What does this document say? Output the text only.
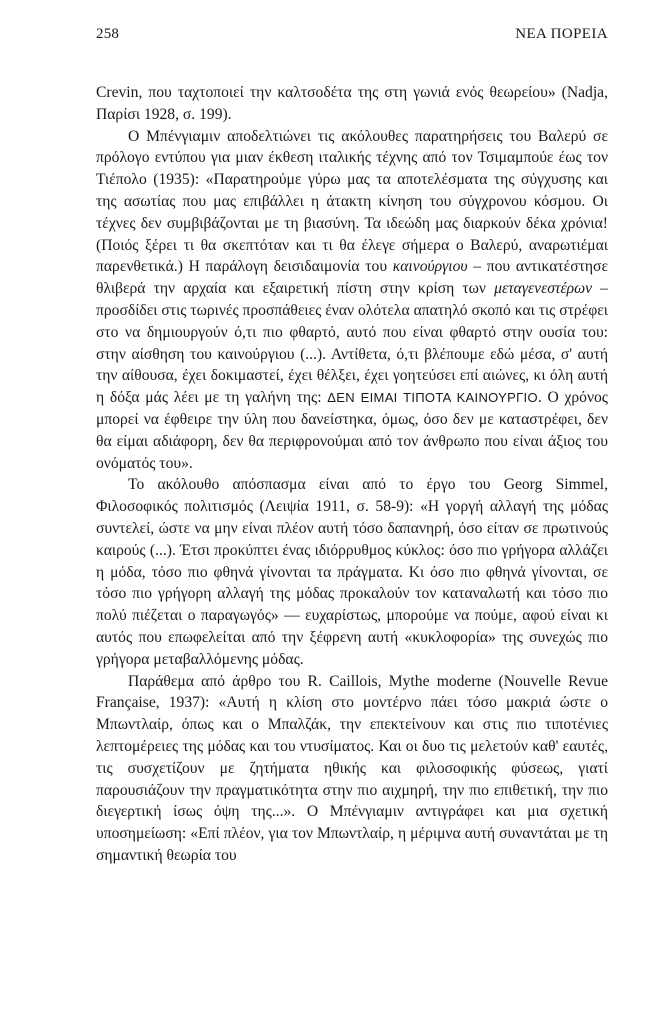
258	ΝΕΑ ΠΟΡΕΙΑ

Crevin, που ταχτοποιεί την καλτσοδέτα της στη γωνιά ενός θεωρείου» (Nadja, Παρίσι 1928, σ. 199).

Ο Μπένγιαμιν αποδελτιώνει τις ακόλουθες παρατηρήσεις του Βαλερύ σε πρόλογο εντύπου για μιαν έκθεση ιταλικής τέχνης από τον Τσιμαμπούε έως τον Τιέπολο (1935): «Παρατηρούμε γύρω μας τα αποτελέσματα της σύγχυσης και της ασωτίας που μας επιβάλλει η άτακτη κίνηση του σύγχρονου κόσμου. Οι τέχνες δεν συμβιβάζονται με τη βιασύνη. Τα ιδεώδη μας διαρκούν δέκα χρόνια! (Ποιός ξέρει τι θα σκεπτόταν και τι θα έλεγε σήμερα ο Βαλερύ, αναρωτιέμαι παρενθετικά.) Η παράλογη δεισιδαιμονία του καινούργιου – που αντικατέστησε θλιβερά την αρχαία και εξαιρετική πίστη στην κρίση των μεταγενεστέρων – προσδίδει στις τωρινές προσπάθειες έναν ολότελα απατηλό σκοπό και τις στρέφει στο να δημιουργούν ό,τι πιο φθαρτό, αυτό που είναι φθαρτό στην ουσία του: στην αίσθηση του καινούργιου (...). Αντίθετα, ό,τι βλέπουμε εδώ μέσα, σ' αυτή την αίθουσα, έχει δοκιμαστεί, έχει θέλξει, έχει γοητεύσει επί αιώνες, κι όλη αυτή η δόξα μάς λέει με τη γαλήνη της: ΔΕΝ ΕΙΜΑΙ ΤΙΠΟΤΑ ΚΑΙΝΟΥΡΓΙΟ. Ο χρόνος μπορεί να έφθειρε την ύλη που δανείστηκα, όμως, όσο δεν με καταστρέφει, δεν θα είμαι αδιάφορη, δεν θα περιφρονούμαι από τον άνθρωπο που είναι άξιος του ονόματός του».

Το ακόλουθο απόσπασμα είναι από το έργο του Georg Simmel, Φιλοσοφικός πολιτισμός (Λειψία 1911, σ. 58-9): «Η γοργή αλλαγή της μόδας συντελεί, ώστε να μην είναι πλέον αυτή τόσο δαπανηρή, όσο είταν σε πρωτινούς καιρούς (...). Έτσι προκύπτει ένας ιδιόρρυθμος κύκλος: όσο πιο γρήγορα αλλάζει η μόδα, τόσο πιο φθηνά γίνονται τα πράγματα. Κι όσο πιο φθηνά γίνονται, σε τόσο πιο γρήγορη αλλαγή της μόδας προκαλούν τον καταναλωτή και τόσο πιο πολύ πιέζεται ο παραγωγός» — ευχαρίστως, μπορούμε να πούμε, αφού είναι κι αυτός που επωφελείται από την ξέφρενη αυτή «κυκλοφορία» της συνεχώς πιο γρήγορα μεταβαλλόμενης μόδας.

Παράθεμα από άρθρο του R. Caillois, Mythe moderne (Nouvelle Revue Française, 1937): «Αυτή η κλίση στο μοντέρνο πάει τόσο μακριά ώστε ο Μπωντλαίρ, όπως και ο Μπαλζάκ, την επεκτείνουν και στις πιο τιποτένιες λεπτομέρειες της μόδας και του ντυσίματος. Και οι δυο τις μελετούν καθ' εαυτές, τις συσχετίζουν με ζητήματα ηθικής και φιλοσοφικής φύσεως, γιατί παρουσιάζουν την πραγματικότητα στην πιο αιχμηρή, την πιο επιθετική, την πιο διεγερτική ίσως όψη της...». Ο Μπένγιαμιν αντιγράφει και μια σχετική υποσημείωση: «Επί πλέον, για τον Μπωντλαίρ, η μέριμνα αυτή συναντάται με τη σημαντική θεωρία του
